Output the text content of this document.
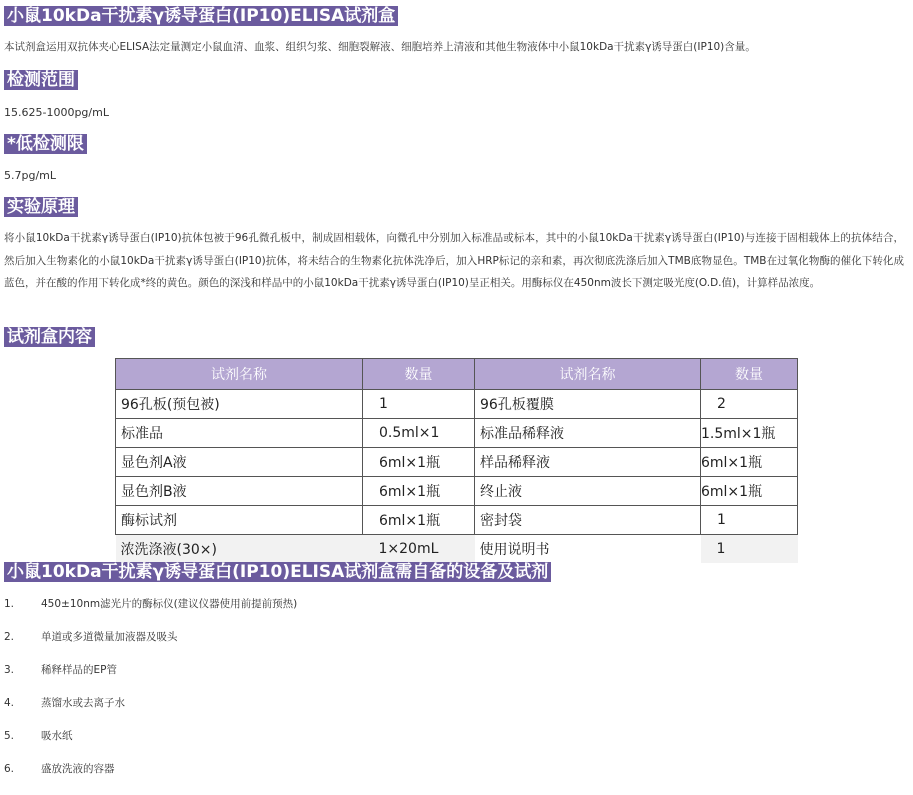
小鼠10kDa干扰素γ诱导蛋白(IP10)ELISA试剂盒
本试剂盒运用双抗体夹心ELISA法定量测定小鼠血清、血浆、组织匀浆、细胞裂解液、细胞培养上清液和其他生物液体中小鼠10kDa干扰素γ诱导蛋白(IP10)含量。
检测范围
15.625-1000pg/mL
*低检测限
5.7pg/mL
实验原理
将小鼠10kDa干扰素γ诱导蛋白(IP10)抗体包被于96孔微孔板中，制成固相载体，向微孔中分别加入标准品或标本，其中的小鼠10kDa干扰素γ诱导蛋白(IP10)与连接于固相载体上的抗体结合，然后加入生物素化的小鼠10kDa干扰素γ诱导蛋白(IP10)抗体，将未结合的生物素化抗体洗净后，加入HRP标记的亲和素，再次彻底洗涤后加入TMB底物显色。TMB在过氧化物酶的催化下转化成蓝色，并在酸的作用下转化成*终的黄色。颜色的深浅和样品中的小鼠10kDa干扰素γ诱导蛋白(IP10)呈正相关。用酶标仪在450nm波长下测定吸光度(O.D.值)，计算样品浓度。
试剂盒内容
试剂名称	数量	试剂名称	数量
96孔板(预包被)	1	96孔板覆膜	2
标准品	0.5ml×1	标准品稀释液	1.5ml×1瓶
显色剂A液	6ml×1瓶	样品稀释液	6ml×1瓶
显色剂B液	6ml×1瓶	终止液	6ml×1瓶
酶标试剂	6ml×1瓶	密封袋	1
浓洗涤液(30×)	1×20mL	使用说明书	1
小鼠10kDa干扰素γ诱导蛋白(IP10)ELISA试剂盒需自备的设备及试剂
1.	450±10nm滤光片的酶标仪(建议仪器使用前提前预热)
2.	单道或多道微量加液器及吸头
3.	稀释样品的EP管
4.	蒸馏水或去离子水
5.	吸水纸
6.	盛放洗液的容器
